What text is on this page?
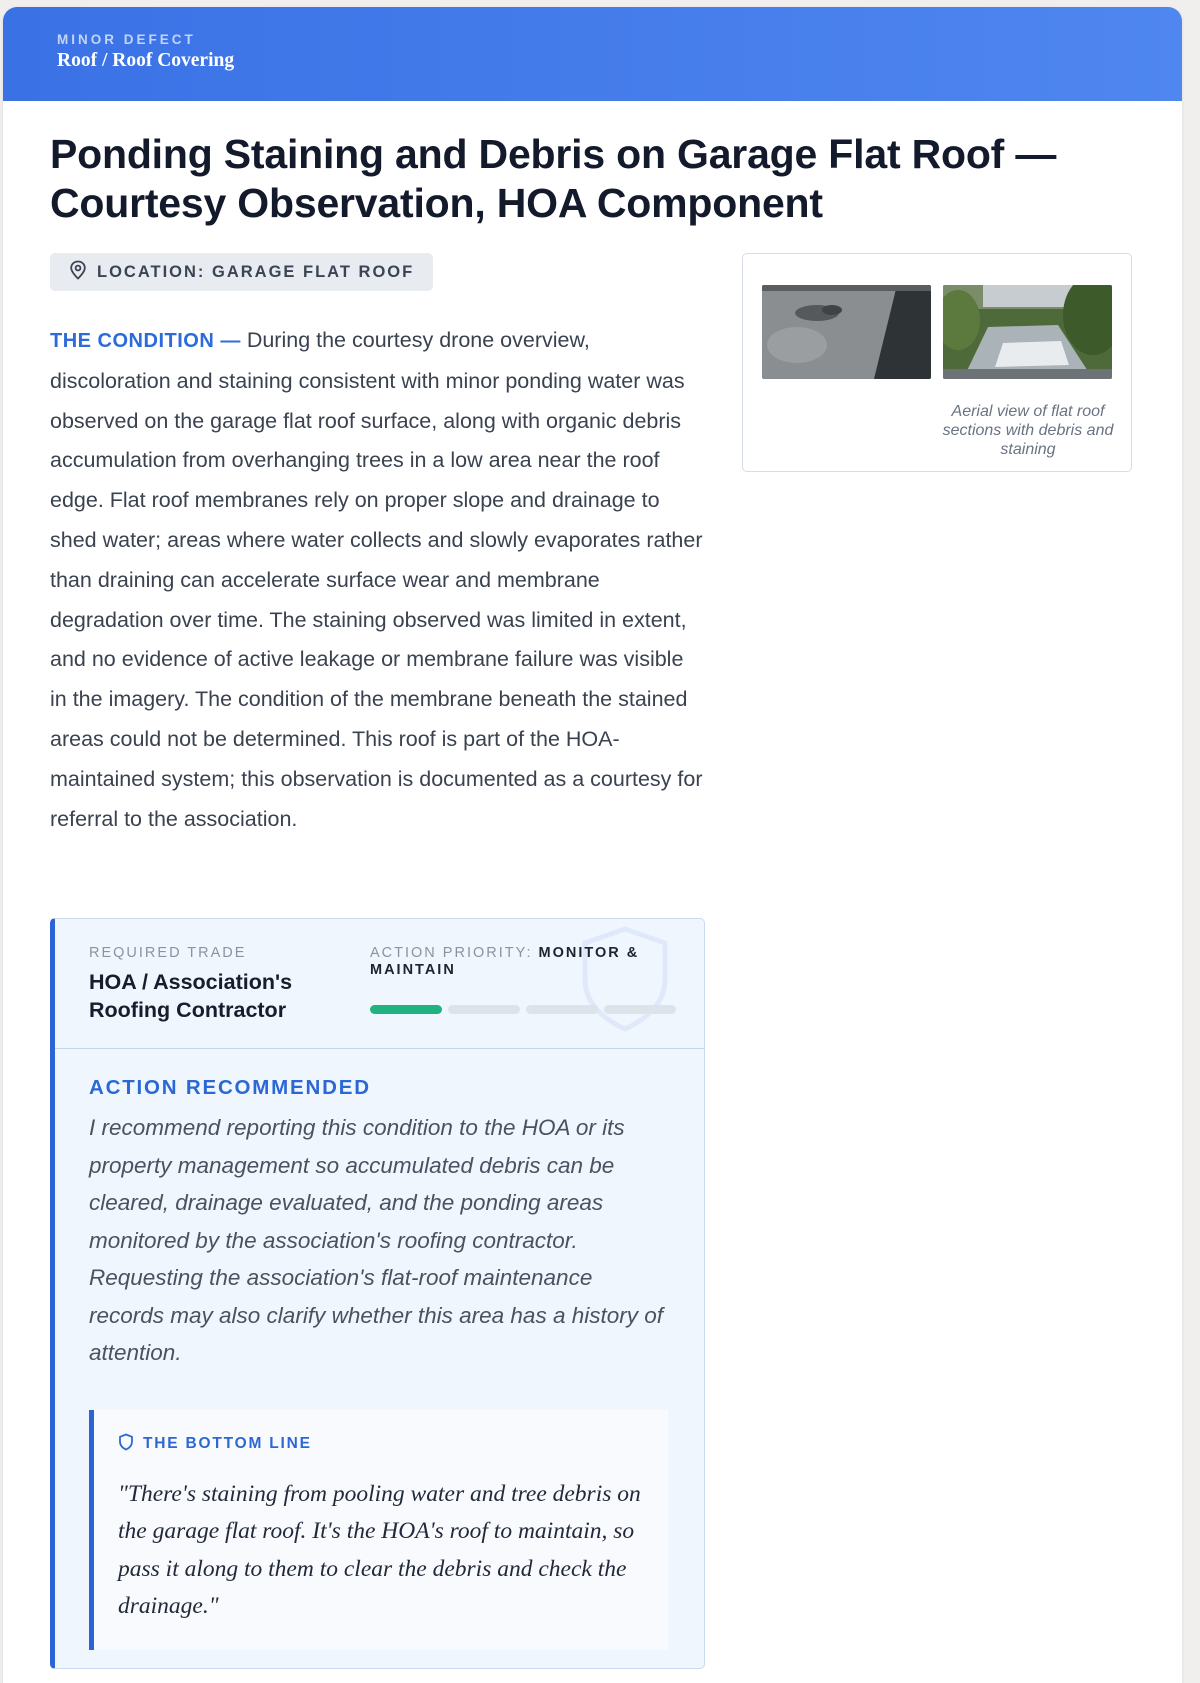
MINOR DEFECT
Roof / Roof Covering
Ponding Staining and Debris on Garage Flat Roof — Courtesy Observation, HOA Component
LOCATION: GARAGE FLAT ROOF

THE CONDITION — During the courtesy drone overview, discoloration and staining consistent with minor ponding water was observed on the garage flat roof surface, along with organic debris accumulation from overhanging trees in a low area near the roof edge. Flat roof membranes rely on proper slope and drainage to shed water; areas where water collects and slowly evaporates rather than draining can accelerate surface wear and membrane degradation over time. The staining observed was limited in extent, and no evidence of active leakage or membrane failure was visible in the imagery. The condition of the membrane beneath the stained areas could not be determined. This roof is part of the HOA-maintained system; this observation is documented as a courtesy for referral to the association.

Aerial view of flat roof sections with debris and staining
REQUIRED TRADE
HOA / Association's Roofing Contractor
ACTION PRIORITY: MONITOR & MAINTAIN
ACTION RECOMMENDED

I recommend reporting this condition to the HOA or its property management so accumulated debris can be cleared, drainage evaluated, and the ponding areas monitored by the association's roofing contractor. Requesting the association's flat-roof maintenance records may also clarify whether this area has a history of attention.

THE BOTTOM LINE

"There's staining from pooling water and tree debris on the garage flat roof. It's the HOA's roof to maintain, so pass it along to them to clear the debris and check the drainage."
